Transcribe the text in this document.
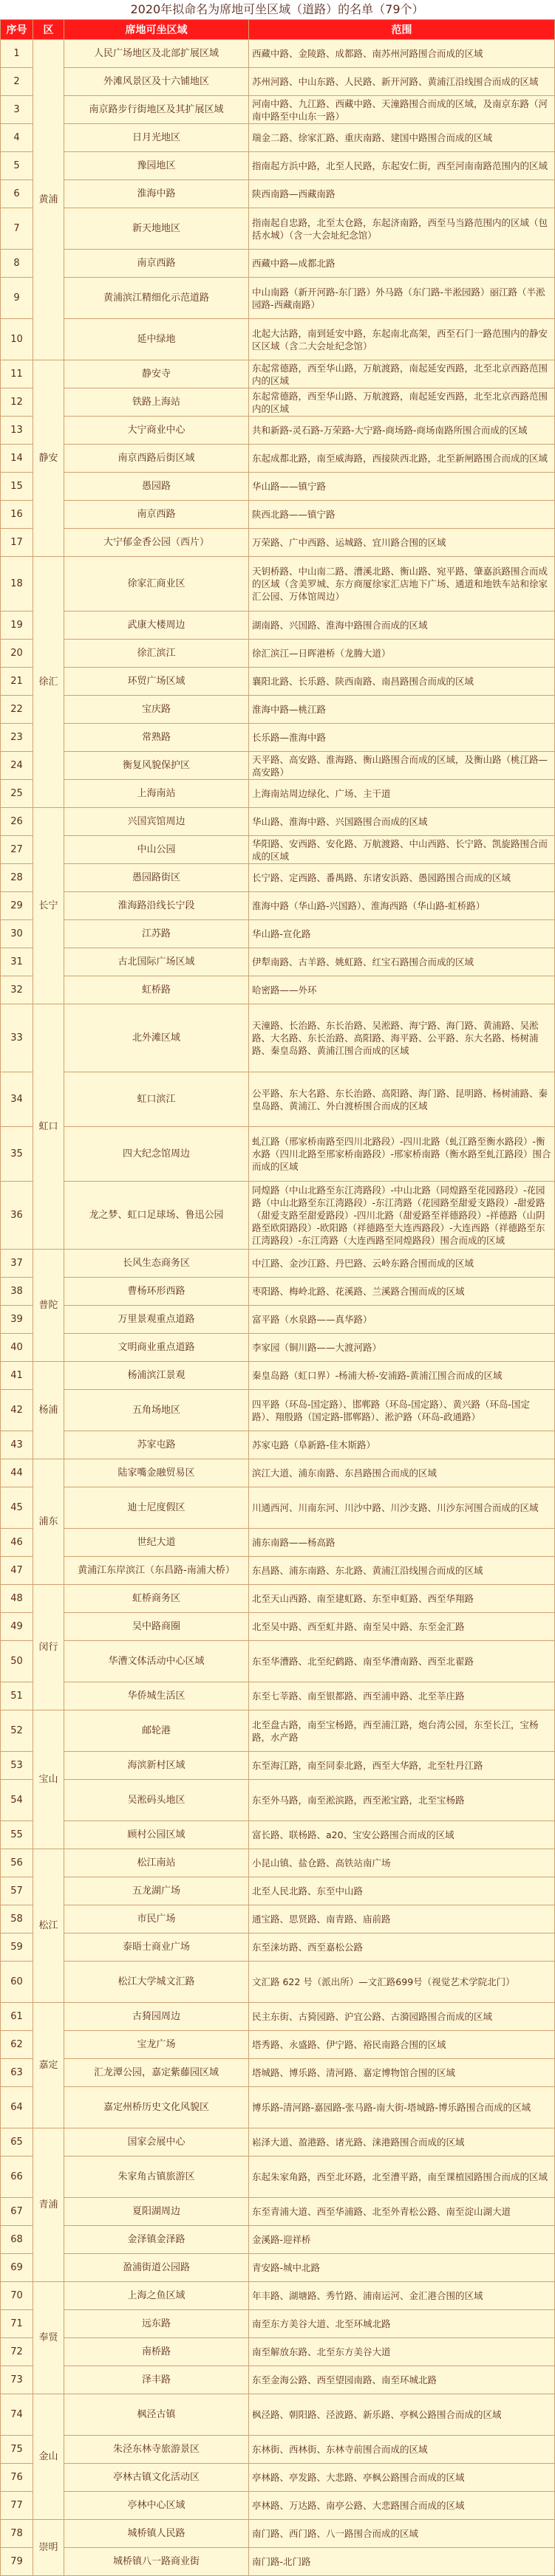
2020年拟命名为席地可坐区域（道路）的名单（79个）
序号	区	席地可坐区域	范围
1	黄浦	人民广场地区及北部扩展区域	西藏中路、金陵路、成都路、南苏州河路围合而成的区域
2		外滩风景区及十六铺地区	苏州河路、中山东路、人民路、新开河路、黄浦江沿线围合而成的区域
3		南京路步行街地区及其扩展区域	河南中路、九江路、西藏中路、天潼路围合而成的区域，及南京东路（河南中路至中山东一路）
4		日月光地区	瑞金二路、徐家汇路、重庆南路、建国中路围合而成的区域
5		豫园地区	指南起方浜中路，北至人民路，东起安仁街，西至河南南路范围内的区域
6		淮海中路	陕西南路—西藏南路
7		新天地地区	指南起自忠路，北至太仓路，东起济南路，西至马当路范围内的区域（包括水城）（含一大会址纪念馆）
8		南京西路	西藏中路—成都北路
9		黄浦滨江精细化示范道路	中山南路（新开河路-东门路）外马路（东门路-半淞园路）丽江路（半淞园路-西藏南路）
10		延中绿地	北起大沽路，南到延安中路，东起南北高架，西至石门一路范围内的静安区区域（含二大会址纪念馆）
11	静安	静安寺	东起常德路，西至华山路，万航渡路，南起延安西路，北至北京西路范围内的区域
12		铁路上海站	东起常德路，西至华山路、万航渡路，南起延安西路，北至北京西路范围内的区域
13		大宁商业中心	共和新路-灵石路-万荣路-大宁路-商场路-商场南路所围合而成的区域
14		南京西路后街区域	东起成都北路，南至威海路，西接陕西北路，北至新闸路围合而成的区域
15		愚园路	华山路——镇宁路
16		南京西路	陕西北路——镇宁路
17		大宁郁金香公园（西片）	万荣路、广中西路、运城路、宜川路合围的区域
18	徐汇	徐家汇商业区	天钥桥路、中山南二路、漕溪北路、衡山路、宛平路、肇嘉浜路围合而成的区域（含美罗城、东方商厦徐家汇店地下广场、通道和地铁车站和徐家汇公园、万体馆周边）
19		武康大楼周边	湖南路、兴国路、淮海中路围合而成的区域
20		徐汇滨江	徐汇滨江—日晖港桥（龙腾大道）
21		环贸广场区域	襄阳北路、长乐路、陕西南路、南昌路围合而成的区域
22		宝庆路	淮海中路—桃江路
23		常熟路	长乐路—淮海中路
24		衡复风貌保护区	天平路、高安路、淮海路、衡山路围合而成的区域，及衡山路（桃江路—高安路）
25		上海南站	上海南站周边绿化、广场、主干道
26	长宁	兴国宾馆周边	华山路、淮海中路、兴国路围合而成的区域
27		中山公园	华阳路、安西路、安化路、万航渡路、中山西路、长宁路、凯旋路围合而成的区域
28		愚园路街区	长宁路、定西路、番禺路、东诸安浜路、愚园路围合而成的区域
29		淮海路沿线长宁段	淮海中路（华山路-兴国路）、淮海西路（华山路-虹桥路）
30		江苏路	华山路-宣化路
31		古北国际广场区域	伊犁南路、古羊路、姚虹路、红宝石路围合而成的区域
32		虹桥路	哈密路——外环
33	虹口	北外滩区域	天潼路、长治路、东长治路、吴淞路、海宁路、海门路、黄浦路、吴淞路、大名路、东长治路、高阳路、海平路、公平路、东大名路、杨树浦路、秦皇岛路、黄浦江围合而成的区域
34		虹口滨江	公平路、东大名路、东长治路、高阳路、海门路、昆明路、杨树浦路、秦皇岛路、黄浦江、外白渡桥围合而成的区域
35		四大纪念馆周边	虬江路（邢家桥南路至四川北路段）-四川北路（虬江路至衡水路段）-衡水路（四川北路至邢家桥南路段）-邢家桥南路（衡水路至虬江路段）围合而成的区域
36		龙之梦、虹口足球场、鲁迅公园	同煌路（中山北路至东江湾路段）-中山北路（同煌路至花园路段）-花园路（中山北路至东江湾路段）-东江湾路（花园路至甜爱支路段）-甜爱路（甜爱支路至甜爱路段）-四川北路（甜爱路至祥德路段）-祥德路（山阴路至欧阳路段）-欧阳路（祥德路至大连西路段）-大连西路（祥德路至东江湾路段）-东江湾路（大连西路至同煌路段）围合而成的区域
37	普陀	长风生态商务区	中江路、金沙江路、丹巴路、云岭东路合围而成的区域
38		曹杨环形西路	枣阳路、梅岭北路、花溪路、兰溪路合围而成的区域
39		万里景观重点道路	富平路（水泉路——真华路）
40		文明商业重点道路	李家园（铜川路——大渡河路）
41	杨浦	杨浦滨江景观	秦皇岛路（虹口界）-杨浦大桥-安浦路-黄浦江围合而成的区域
42		五角场地区	四平路（环岛-国定路）、邯郸路（环岛-国定路）、黄兴路（环岛-国定路）、翔殷路（国定路-邯郸路）、淞沪路（环岛-政通路）
43		苏家屯路	苏家屯路（阜新路-佳木斯路）
44	浦东	陆家嘴金融贸易区	滨江大道、浦东南路、东昌路围合而成的区域
45		迪士尼度假区	川通西河、川南东河、川沙中路、川沙支路、川沙东河围合而成的区域
46		世纪大道	浦东南路——杨高路
47		黄浦江东岸滨江（东昌路-南浦大桥）	东昌路、浦东南路、东北路、黄浦江沿线围合而成的区域
48	闵行	虹桥商务区	北至天山西路、南至建虹路、东至申虹路、西至华翔路
49		吴中路商圈	北至吴中路、西至虹井路、南至吴中路、东至金汇路
50		华漕文体活动中心区域	东至华漕路、北至纪鹤路、南至华漕南路、西至北翟路
51		华侨城生活区	东至七莘路、南至银都路、西至浦申路、北至莘庄路
52	宝山	邮轮港	北至盘古路，南至宝杨路，西至浦江路，炮台湾公园，东至长江，宝杨路，水产路
53		海滨新村区域	东至海江路，南至同泰北路，西至大华路，北至牡丹江路
54		吴淞码头地区	东至外马路，南至淞滨路，西至淞宝路，北至宝杨路
55		顾村公园区域	富长路、联杨路、a20、宝安公路围合而成的区域
56	松江	松江南站	小昆山镇、盐仓路、高铁站南广场
57		五龙湖广场	北至人民北路、东至中山路
58		市民广场	通宝路、思贤路、南青路、庙前路
59		泰晤士商业广场	东至涞坊路、西至嘉松公路
60		松江大学城文汇路	文汇路 622 号（派出所）—文汇路699号（视觉艺术学院北门）
61	嘉定	古猗园周边	民主东街、古猗园路、沪宜公路、古漪园路围合而成的区域
62		宝龙广场	塔秀路、永盛路、伊宁路、裕民南路合围的区域
63		汇龙潭公园，嘉定紫藤园区域	塔城路、博乐路、清河路、嘉定博物馆合围的区域
64		嘉定州桥历史文化风貌区	博乐路-清河路-嘉园路-张马路-南大街-塔城路-博乐路围合而成的区域
65	青浦	国家会展中心	崧泽大道、盈港路、诸光路、涞港路围合而成的区域
66		朱家角古镇旅游区	东起朱家角路，西至北环路，北至漕平路，南至课植园路围合而成的区域
67		夏阳湖周边	东至青浦大道、西至华浦路、北至外青松公路、南至淀山湖大道
68		金泽镇金泽路	金溪路-迎祥桥
69		盈浦街道公园路	青安路-城中北路
70	奉贤	上海之鱼区域	年丰路、湖塘路、秀竹路、浦南运河、金汇港合围的区域
71		远东路	南至东方美谷大道、北至环城北路
72		南桥路	南至解放东路、北至东方美谷大道
73		泽丰路	东至金海公路、西至望园南路、南至环城北路
74	金山	枫泾古镇	枫泾路、朝阳路、泾波路、新乐路、亭枫公路围合而成的区域
75		朱泾东林寺旅游景区	东林街、西林街、东林寺前围合而成的区域
76		亭林古镇文化活动区	亭林路、亭发路、大悲路、亭枫公路围合而成的区域
77		亭林中心区域	亭林路、万达路、南亭公路、大悲路围合而成的区域
78	崇明	城桥镇人民路	南门路、西门路、八一路围合而成的区域
79		城桥镇八一路商业街	南门路-北门路
